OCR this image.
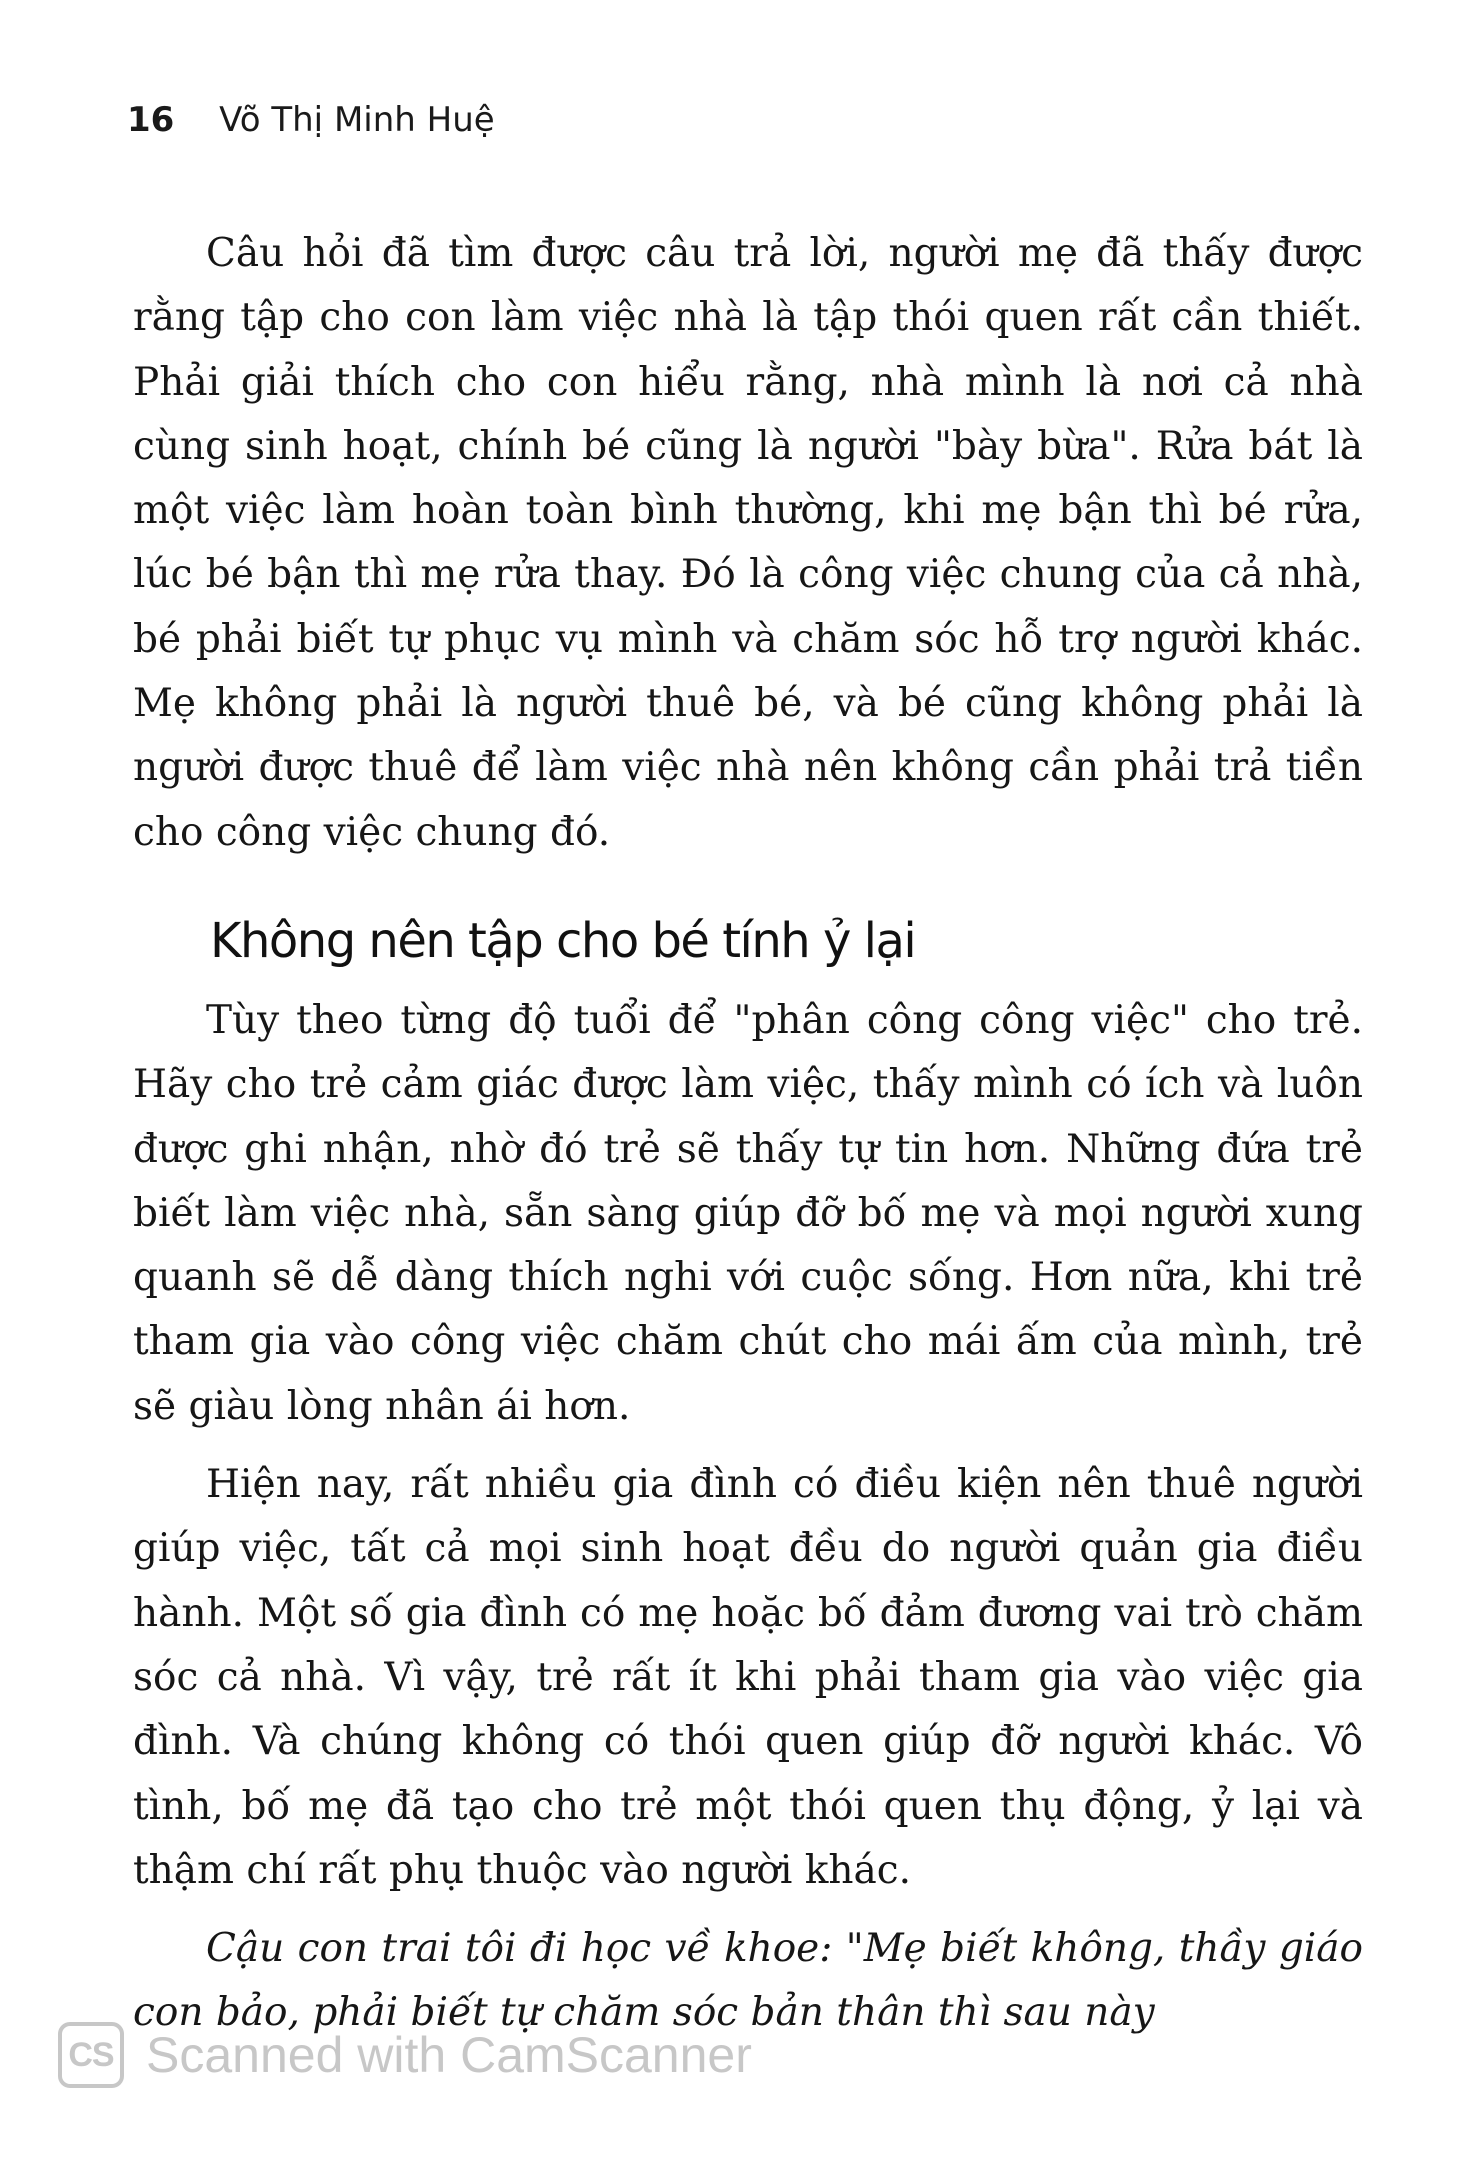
16 Võ Thị Minh Huệ

Câu hỏi đã tìm được câu trả lời, người mẹ đã thấy được rằng tập cho con làm việc nhà là tập thói quen rất cần thiết. Phải giải thích cho con hiểu rằng, nhà mình là nơi cả nhà cùng sinh hoạt, chính bé cũng là người "bày bừa". Rửa bát là một việc làm hoàn toàn bình thường, khi mẹ bận thì bé rửa, lúc bé bận thì mẹ rửa thay. Đó là công việc chung của cả nhà, bé phải biết tự phục vụ mình và chăm sóc hỗ trợ người khác. Mẹ không phải là người thuê bé, và bé cũng không phải là người được thuê để làm việc nhà nên không cần phải trả tiền cho công việc chung đó.

Không nên tập cho bé tính ỷ lại

Tùy theo từng độ tuổi để "phân công công việc" cho trẻ. Hãy cho trẻ cảm giác được làm việc, thấy mình có ích và luôn được ghi nhận, nhờ đó trẻ sẽ thấy tự tin hơn. Những đứa trẻ biết làm việc nhà, sẵn sàng giúp đỡ bố mẹ và mọi người xung quanh sẽ dễ dàng thích nghi với cuộc sống. Hơn nữa, khi trẻ tham gia vào công việc chăm chút cho mái ấm của mình, trẻ sẽ giàu lòng nhân ái hơn.

Hiện nay, rất nhiều gia đình có điều kiện nên thuê người giúp việc, tất cả mọi sinh hoạt đều do người quản gia điều hành. Một số gia đình có mẹ hoặc bố đảm đương vai trò chăm sóc cả nhà. Vì vậy, trẻ rất ít khi phải tham gia vào việc gia đình. Và chúng không có thói quen giúp đỡ người khác. Vô tình, bố mẹ đã tạo cho trẻ một thói quen thụ động, ỷ lại và thậm chí rất phụ thuộc vào người khác.

Cậu con trai tôi đi học về khoe: "Mẹ biết không, thầy giáo con bảo, phải biết tự chăm sóc bản thân thì sau này

CS Scanned with CamScanner
